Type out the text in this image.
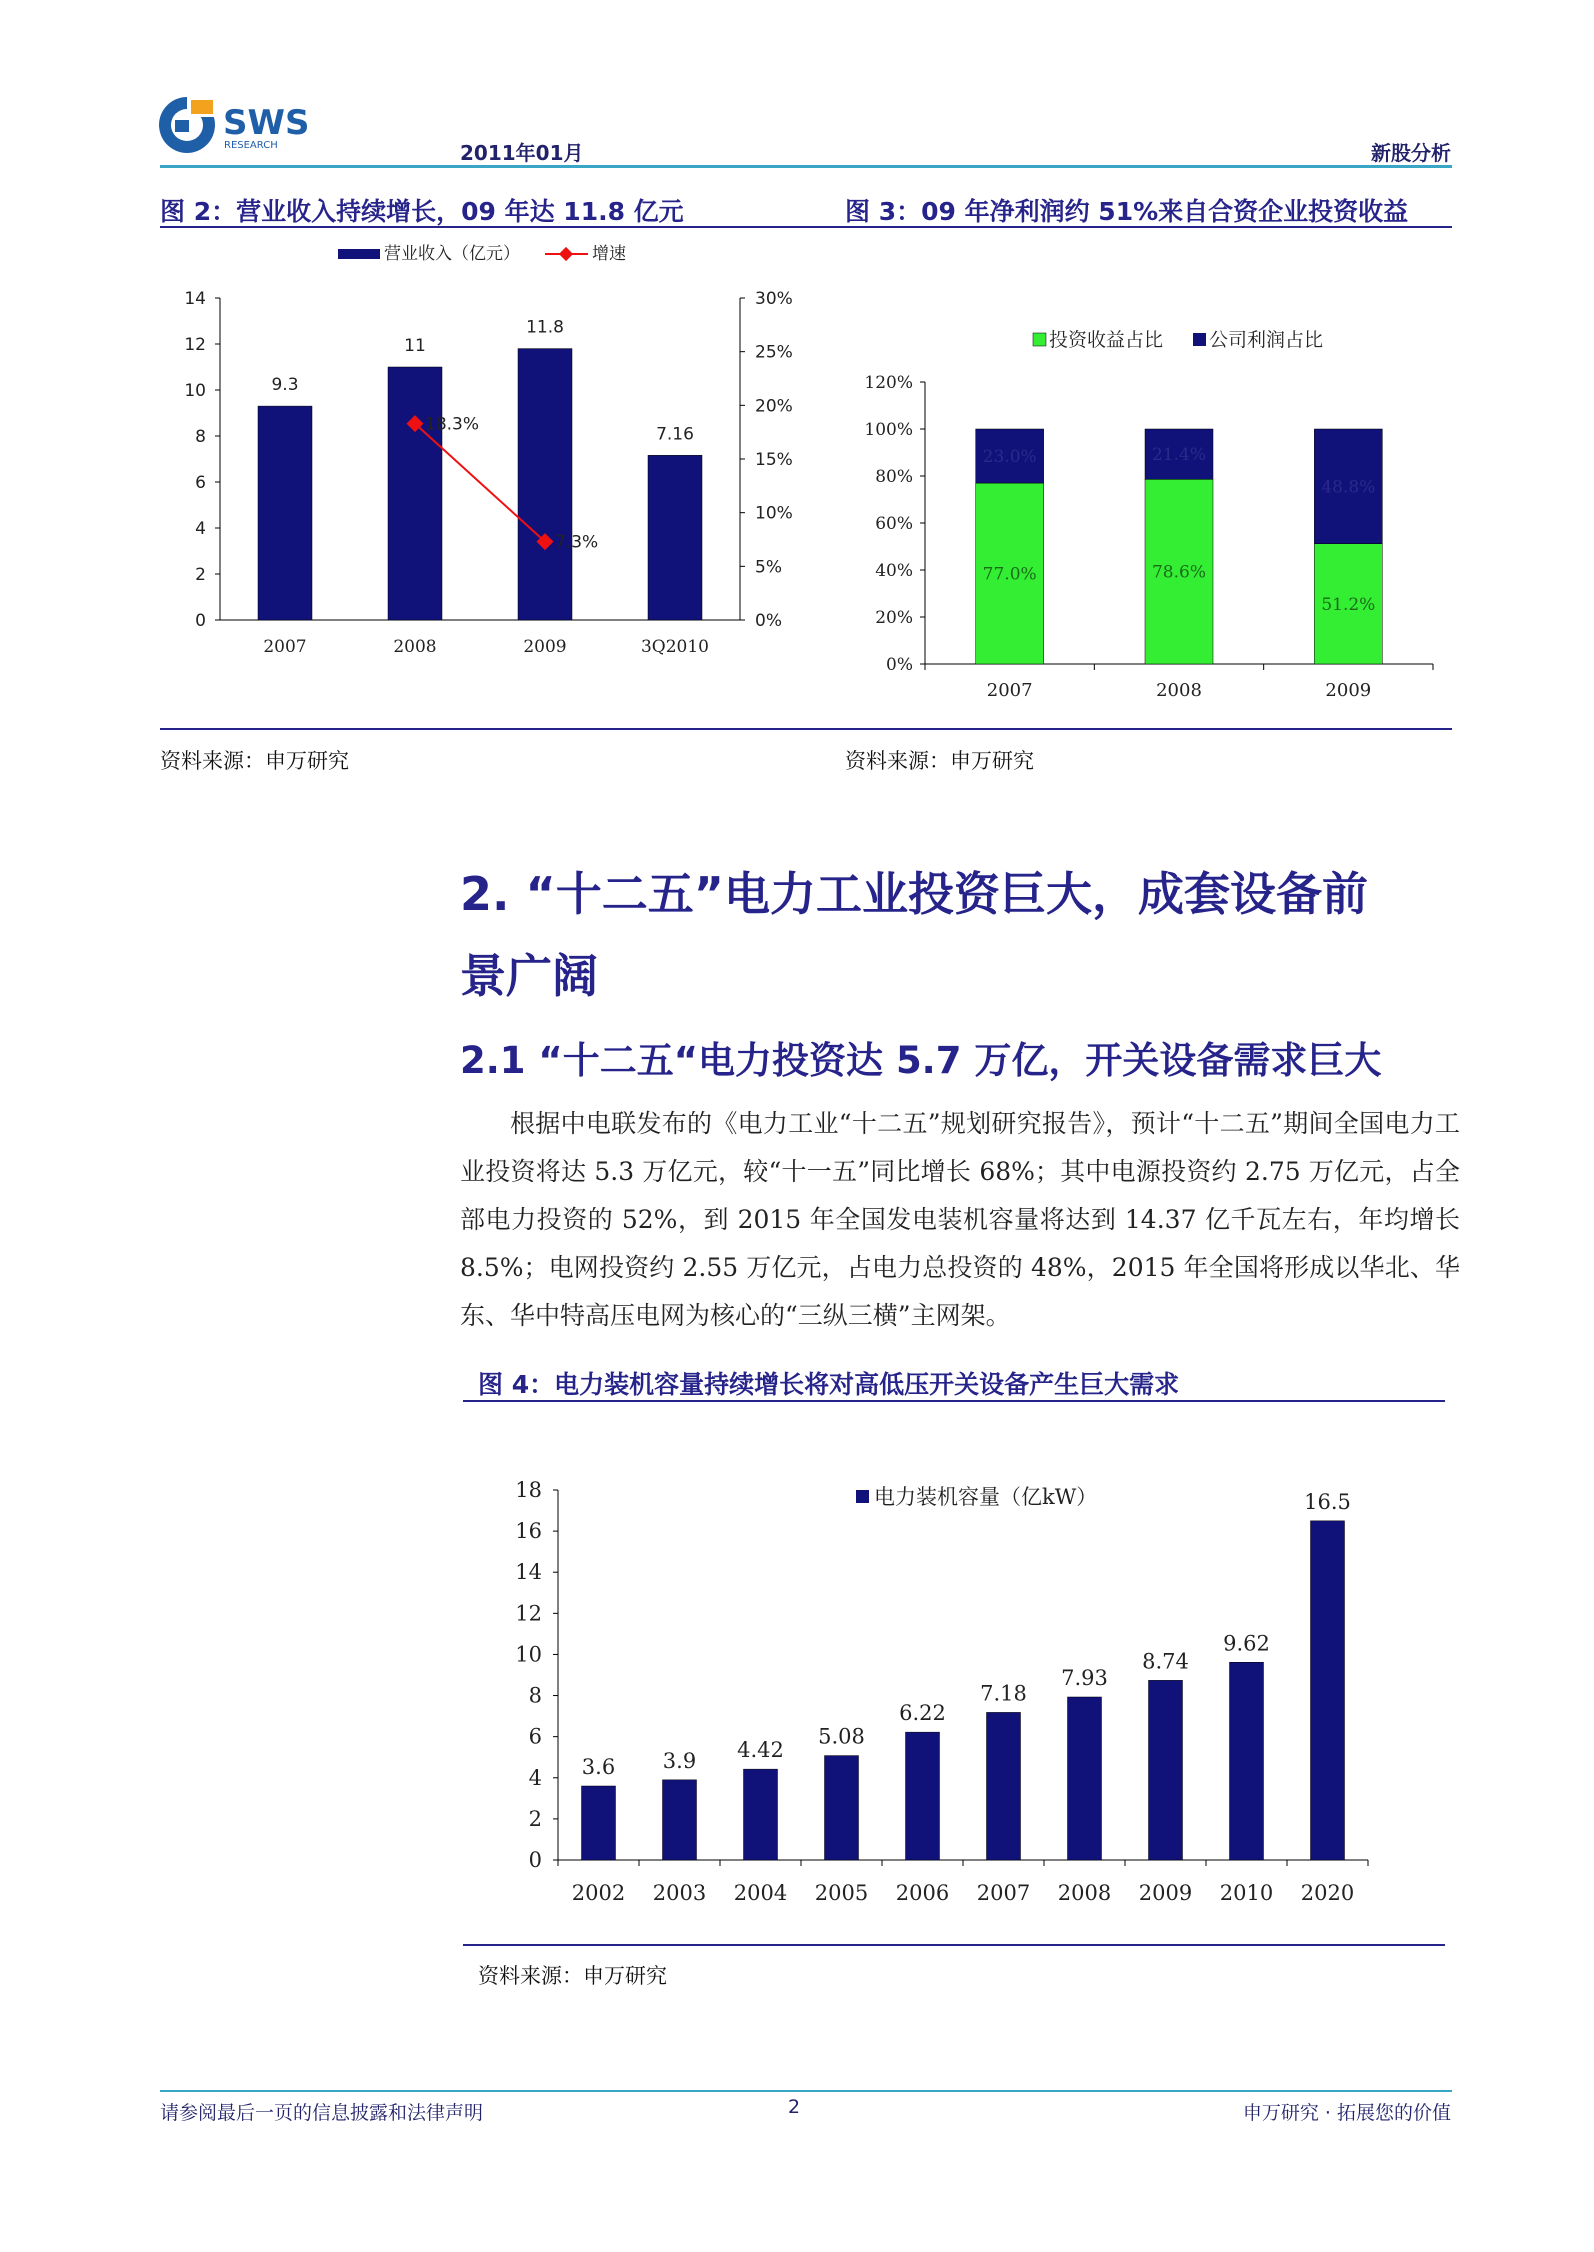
SWS
RESEARCH	2011年01月	新股分析
图 2：营业收入持续增长，09 年达 11.8 亿元
营业收入（亿元）	增速
0
2
4
6
8
10
12
14
0%
5%
10%
15%
20%
25%
30%
9.3
2007
11
2008
11.8
2009
7.16
3Q2010
18.3%
7.3%
图 3：09 年净利润约 51%来自合资企业投资收益
投资收益占比 公司利润占比
0%
20%
40%
60%
80%
100%
120%
77.0%
23.0%
2007
78.6%
21.4%
2008
51.2%
48.8%
2009
资料来源：申万研究	资料来源：申万研究
2. “十二五”电力工业投资巨大，成套设备前
景广阔
2.1 “十二五“电力投资达 5.7 万亿，开关设备需求巨大

根据中电联发布的《电力工业“十二五”规划研究报告》，预计“十二五”期间全国电力工业投资将达 5.3 万亿元，较“十一五”同比增长 68%；其中电源投资约 2.75 万亿元，占全部电力投资的 52%，到 2015 年全国发电装机容量将达到 14.37 亿千瓦左右，年均增长 8.5%；电网投资约 2.55 万亿元，占电力总投资的 48%，2015 年全国将形成以华北、华东、华中特高压电网为核心的“三纵三横”主网架。

图 4：电力装机容量持续增长将对高低压开关设备产生巨大需求
电力装机容量（亿kW）
0
2
4
6
8
10
12
14
16
18
3.6
2002
3.9
2003
4.42
2004
5.08
2005
6.22
2006
7.18
2007
7.93
2008
8.74
2009
9.62
2010
16.5
2020
资料来源：申万研究
请参阅最后一页的信息披露和法律声明	2	申万研究 · 拓展您的价值
